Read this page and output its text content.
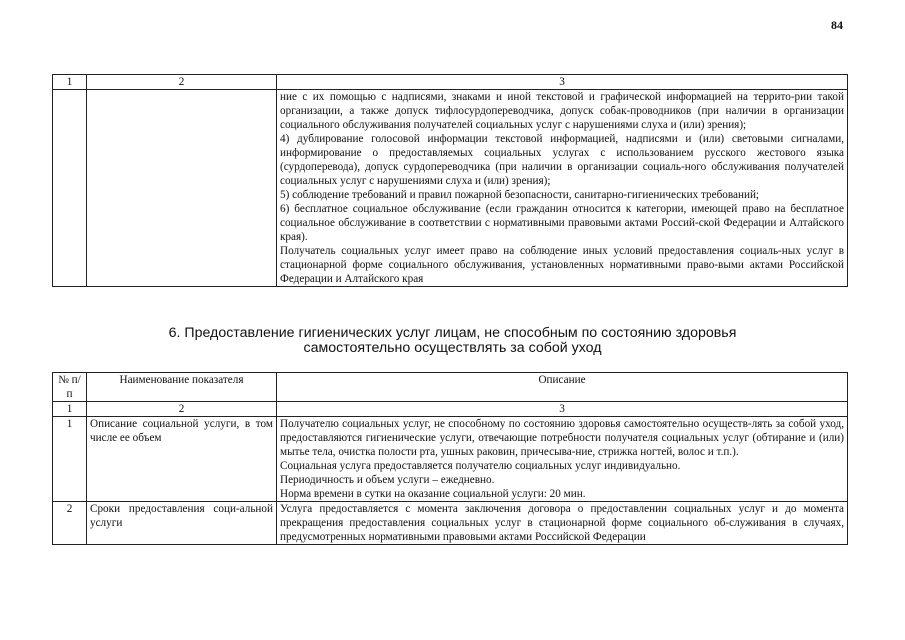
84
1	2	3

		ние с их помощью с надписями, знаками и иной текстовой и графической информацией на террито-рии такой организации, а также допуск тифлосурдопереводчика, допуск собак-проводников (при наличии в организации социального обслуживания получателей социальных услуг с нарушениями слуха и (или) зрения);

4) дублирование голосовой информации текстовой информацией, надписями и (или) световыми сигналами, информирование о предоставляемых социальных услугах с использованием русского жестового языка (сурдоперевода), допуск сурдопереводчика (при наличии в организации социаль-ного обслуживания получателей социальных услуг с нарушениями слуха и (или) зрения);

5) соблюдение требований и правил пожарной безопасности, санитарно-гигиенических требований;

6) бесплатное социальное обслуживание (если гражданин относится к категории, имеющей право на бесплатное социальное обслуживание в соответствии с нормативными правовыми актами Россий-ской Федерации и Алтайского края).

Получатель социальных услуг имеет право на соблюдение иных условий предоставления социаль-ных услуг в стационарной форме социального обслуживания, установленных нормативными право-выми актами Российской Федерации и Алтайского края

6. Предоставление гигиенических услуг лицам, не способным по состоянию здоровья
самостоятельно осуществлять за собой уход
№ п/п	Наименование показателя	Описание
1	2	3
1	Описание социальной услуги, в том числе ее объем	Получателю социальных услуг, не способному по состоянию здоровья самостоятельно осуществ-лять за собой уход, предоставляются гигиенические услуги, отвечающие потребности получателя социальных услуг (обтирание и (или) мытье тела, очистка полости рта, ушных раковин, причесыва-ние, стрижка ногтей, волос и т.п.).

Социальная услуга предоставляется получателю социальных услуг индивидуально.

Периодичность и объем услуги – ежедневно.

Норма времени в сутки на оказание социальной услуги: 20 мин.

2	Сроки предоставления соци-альной услуги	Услуга предоставляется с момента заключения договора о предоставлении социальных услуг и до момента прекращения предоставления социальных услуг в стационарной форме социального об-служивания в случаях, предусмотренных нормативными правовыми актами Российской Федерации
